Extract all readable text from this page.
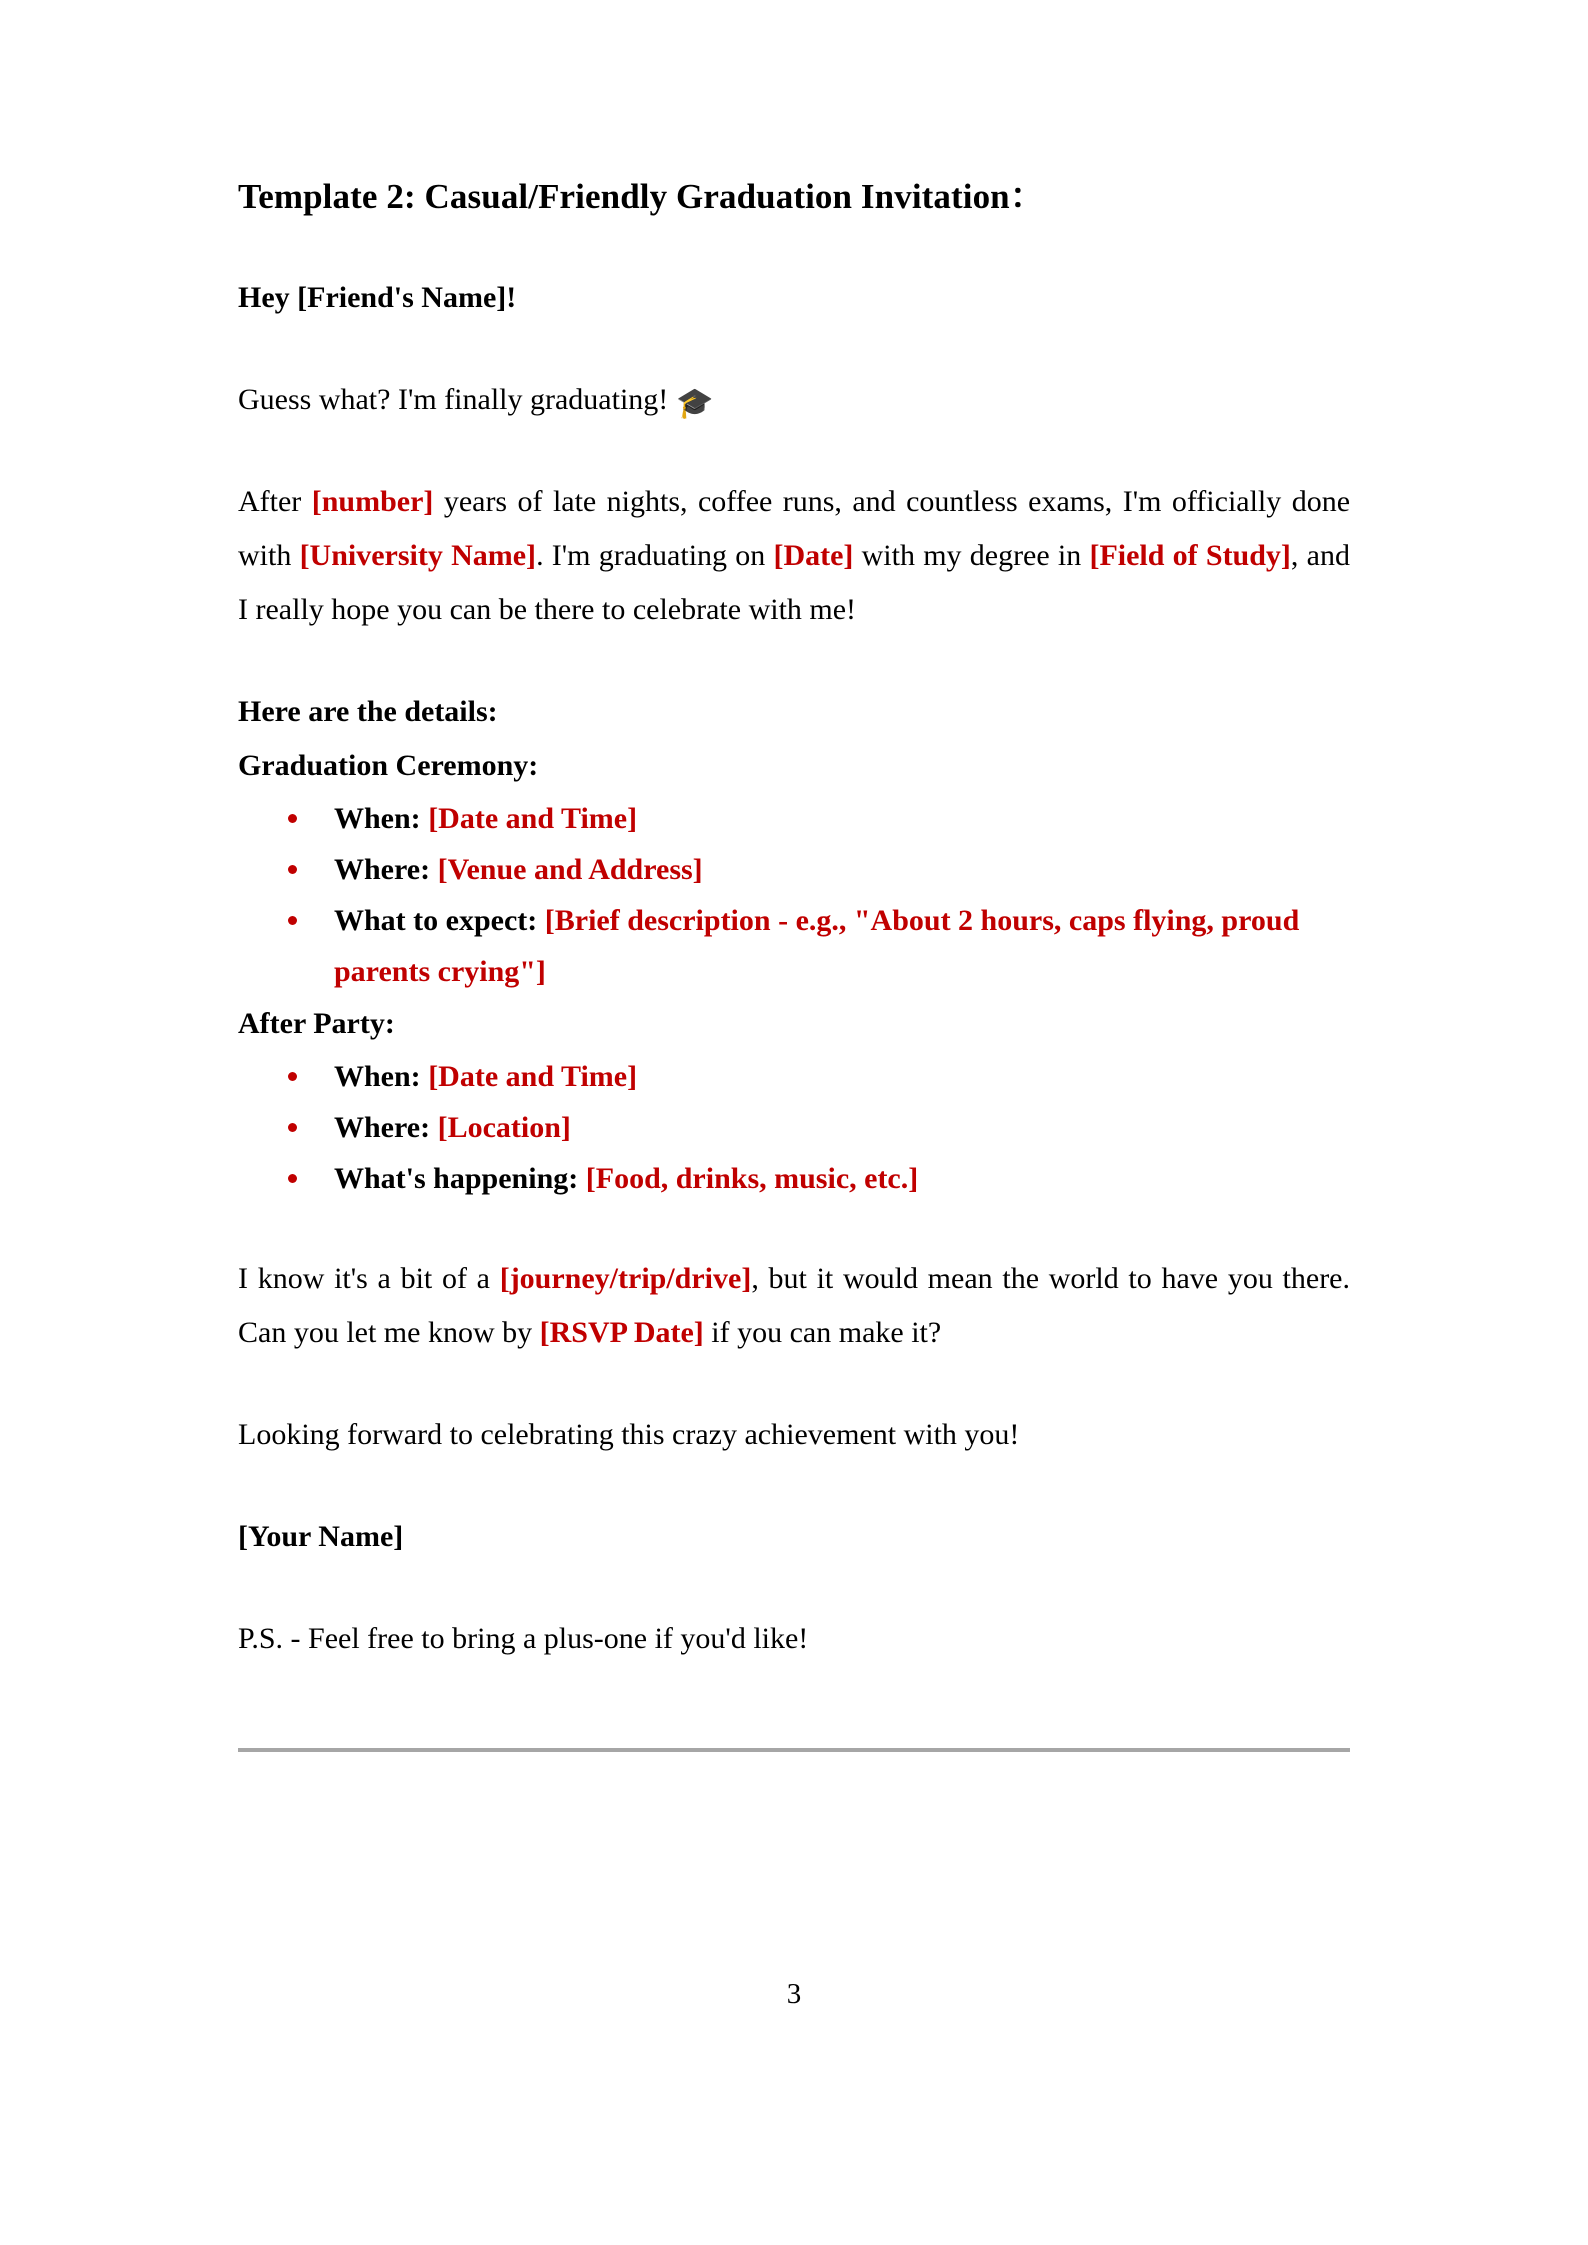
Template 2: Casual/Friendly Graduation Invitation：

Hey [Friend's Name]!

Guess what? I'm finally graduating! 🎓

After [number] years of late nights, coffee runs, and countless exams, I'm officially done with [University Name]. I'm graduating on [Date] with my degree in [Field of Study], and I really hope you can be there to celebrate with me!

Here are the details:

Graduation Ceremony:

When: [Date and Time]
Where: [Venue and Address]
What to expect: [Brief description - e.g., "About 2 hours, caps flying, proud parents crying"]

After Party:

When: [Date and Time]
Where: [Location]
What's happening: [Food, drinks, music, etc.]

I know it's a bit of a [journey/trip/drive], but it would mean the world to have you there. Can you let me know by [RSVP Date] if you can make it?

Looking forward to celebrating this crazy achievement with you!

[Your Name]

P.S. - Feel free to bring a plus-one if you'd like!

3
